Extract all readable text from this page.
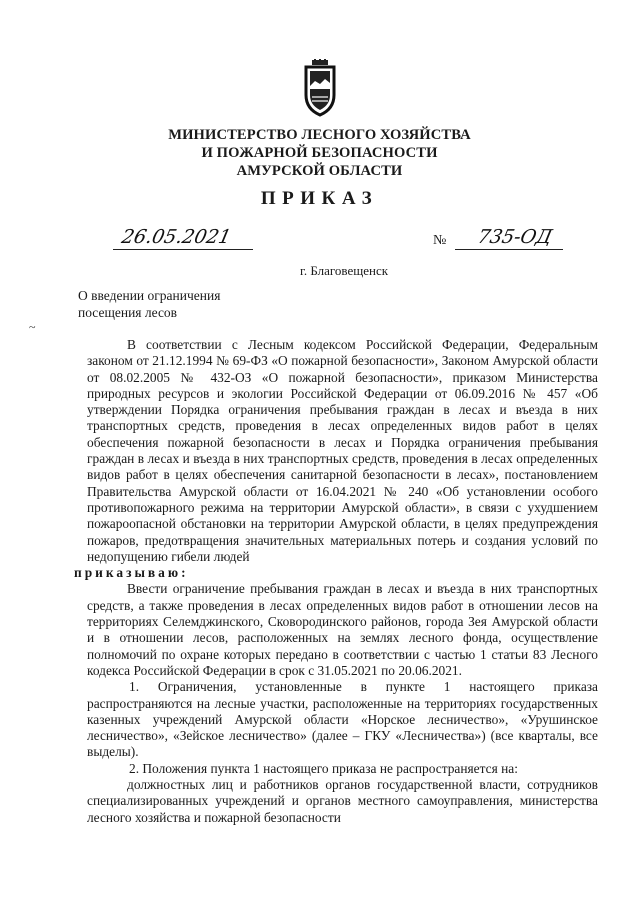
МИНИСТЕРСТВО ЛЕСНОГО ХОЗЯЙСТВА
И ПОЖАРНОЙ БЕЗОПАСНОСТИ
АМУРСКОЙ ОБЛАСТИ
ПРИКАЗ
26.05.2021	№ 735-ОД
г. Благовещенск
О введении ограничения
посещения лесов
~

В соответствии с Лесным кодексом Российской Федерации, Федеральным законом от 21.12.1994 № 69-ФЗ «О пожарной безопасности», Законом Амурской области от 08.02.2005 № 432-ОЗ «О пожарной безопасности», приказом Министерства природных ресурсов и экологии Российской Федерации от 06.09.2016 № 457 «Об утверждении Порядка ограничения пребывания граждан в лесах и въезда в них транспортных средств, проведения в лесах определенных видов работ в целях обеспечения пожарной безопасности в лесах и Порядка ограничения пребывания граждан в лесах и въезда в них транспортных средств, проведения в лесах определенных видов работ в целях обеспечения санитарной безопасности в лесах», постановлением Правительства Амурской области от 16.04.2021 № 240 «Об установлении особого противопожарного режима на территории Амурской области», в связи с ухудшением пожароопасной обстановки на территории Амурской области, в целях предупреждения пожаров, предотвращения значительных материальных потерь и создания условий по недопущению гибели людей

приказываю:

Ввести ограничение пребывания граждан в лесах и въезда в них транспортных средств, а также проведения в лесах определенных видов работ в отношении лесов на территориях Селемджинского, Сковородинского районов, города Зея Амурской области и в отношении лесов, расположенных на землях лесного фонда, осуществление полномочий по охране которых передано в соответствии с частью 1 статьи 83 Лесного кодекса Российской Федерации в срок с 31.05.2021 по 20.06.2021.

1. Ограничения, установленные в пункте 1 настоящего приказа распространяются на лесные участки, расположенные на территориях государственных казенных учреждений Амурской области «Норское лесничество», «Урушинское лесничество», «Зейское лесничество» (далее – ГКУ «Лесничества») (все кварталы, все выделы).

2. Положения пункта 1 настоящего приказа не распространяется на:

должностных лиц и работников органов государственной власти, сотрудников специализированных учреждений и органов местного самоуправления, министерства лесного хозяйства и пожарной безопасности
